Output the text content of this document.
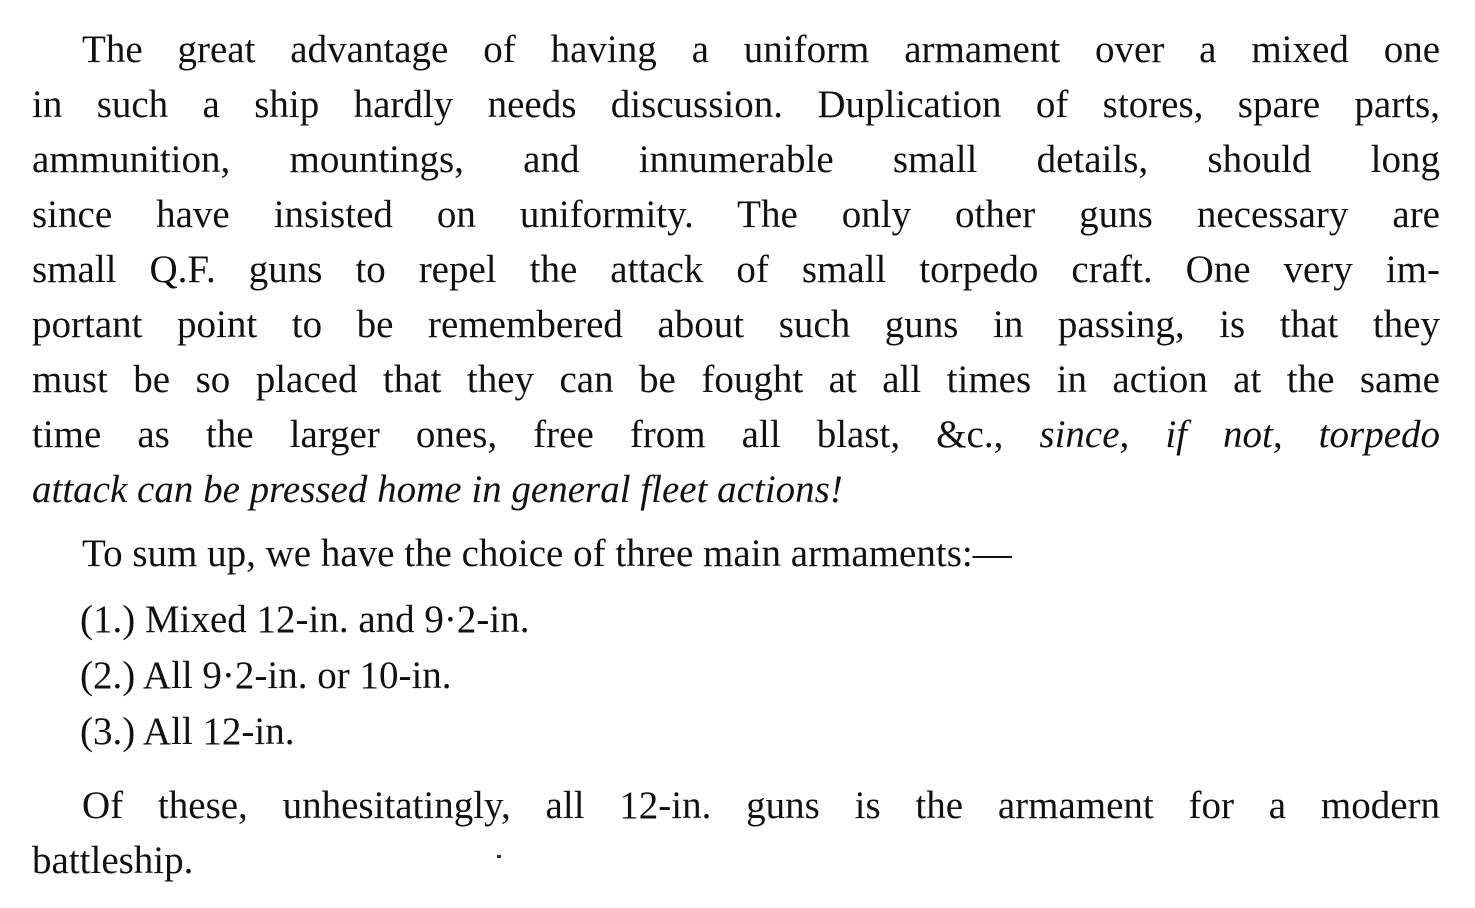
The great advantage of having a uniform armament over a mixed one
in such a ship hardly needs discussion. Duplication of stores, spare parts,
ammunition, mountings, and innumerable small details, should long
since have insisted on uniformity. The only other guns necessary are
small Q.F. guns to repel the attack of small torpedo craft. One very im-
portant point to be remembered about such guns in passing, is that they
must be so placed that they can be fought at all times in action at the same
time as the larger ones, free from all blast, &c., since, if not, torpedo
attack can be pressed home in general fleet actions!
To sum up, we have the choice of three main armaments:—
(1.) Mixed 12-in. and 9·2-in.
(2.) All 9·2-in. or 10-in.
(3.) All 12-in.
Of these, unhesitatingly, all 12-in. guns is the armament for a modern
battleship.
